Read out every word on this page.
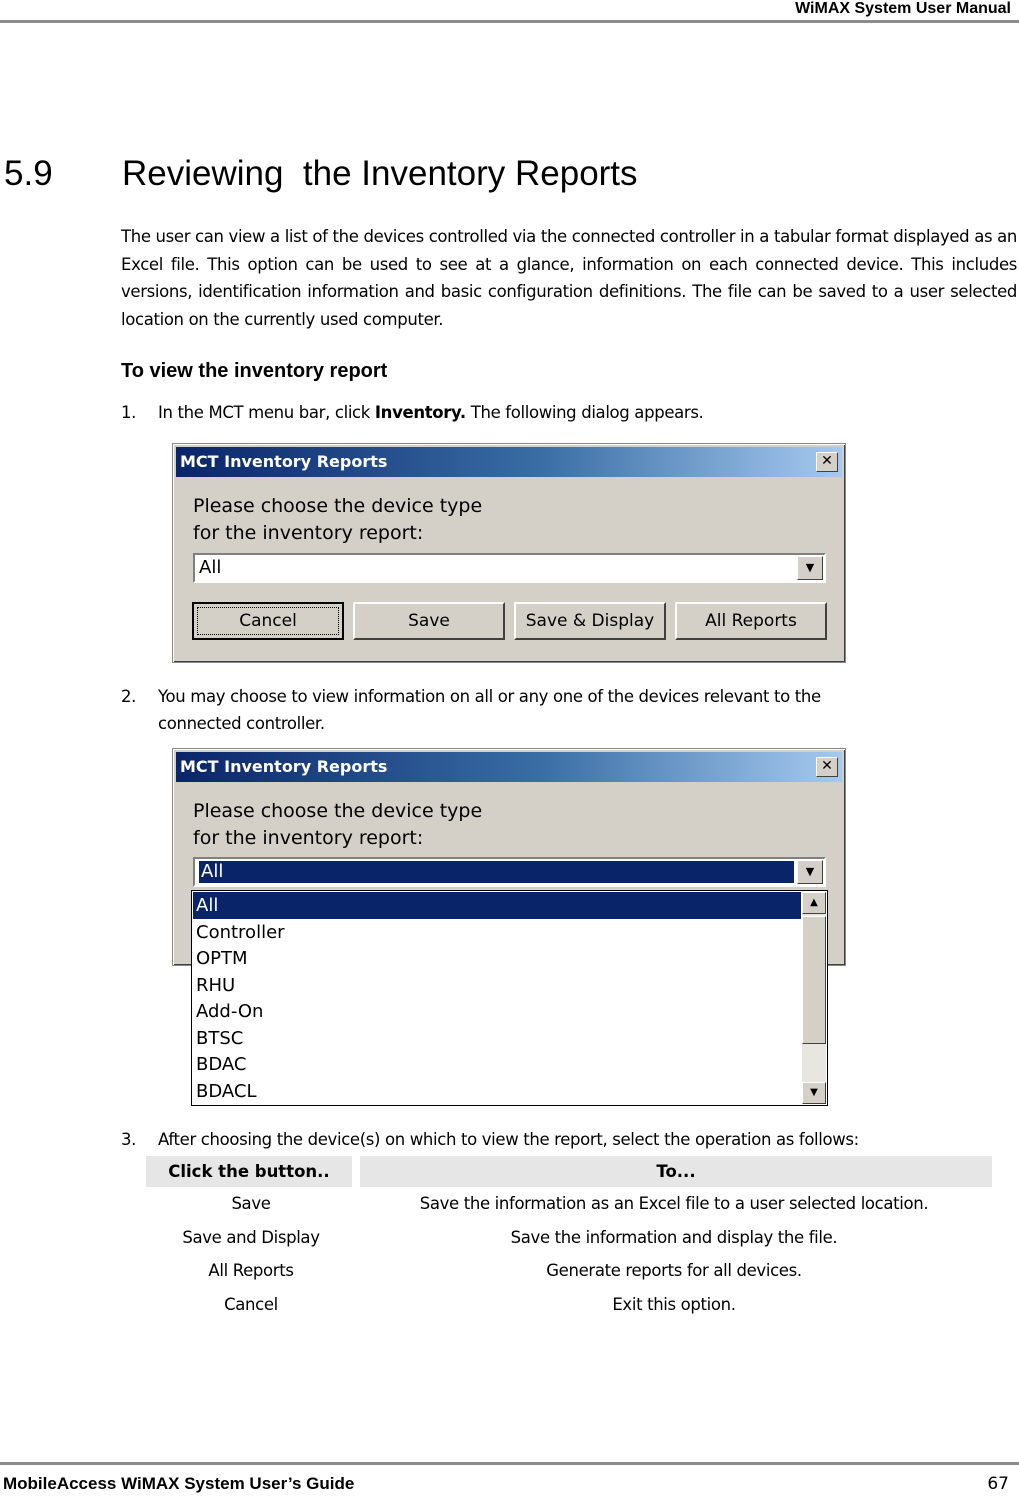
WiMAX System User Manual
5.9 Reviewing  the Inventory Reports

The user can view a list of the devices controlled via the connected controller in a tabular format displayed as an Excel file. This option can be used to see at a glance, information on each connected device. This includes versions, identification information and basic configuration definitions. The file can be saved to a user selected location on the currently used computer.

To view the inventory report
1. In the MCT menu bar, click Inventory. The following dialog appears.
MCT Inventory Reports	✕
Please choose the device type
for the inventory report:
All	▼
Cancel	Save	Save & Display	All Reports
2. You may choose to view information on all or any one of the devices relevant to the
connected controller.
MCT Inventory Reports	✕
Please choose the device type
for the inventory report:
All	▼
All
Controller
OPTM
RHU
Add-On
BTSC
BDAC
BDACL
▲
▼
3. After choosing the device(s) on which to view the report, select the operation as follows:
Click the button..	To...
Save	Save the information as an Excel file to a user selected location.
Save and Display	Save the information and display the file.
All Reports	Generate reports for all devices.
Cancel	Exit this option.
MobileAccess WiMAX System User’s Guide	67
